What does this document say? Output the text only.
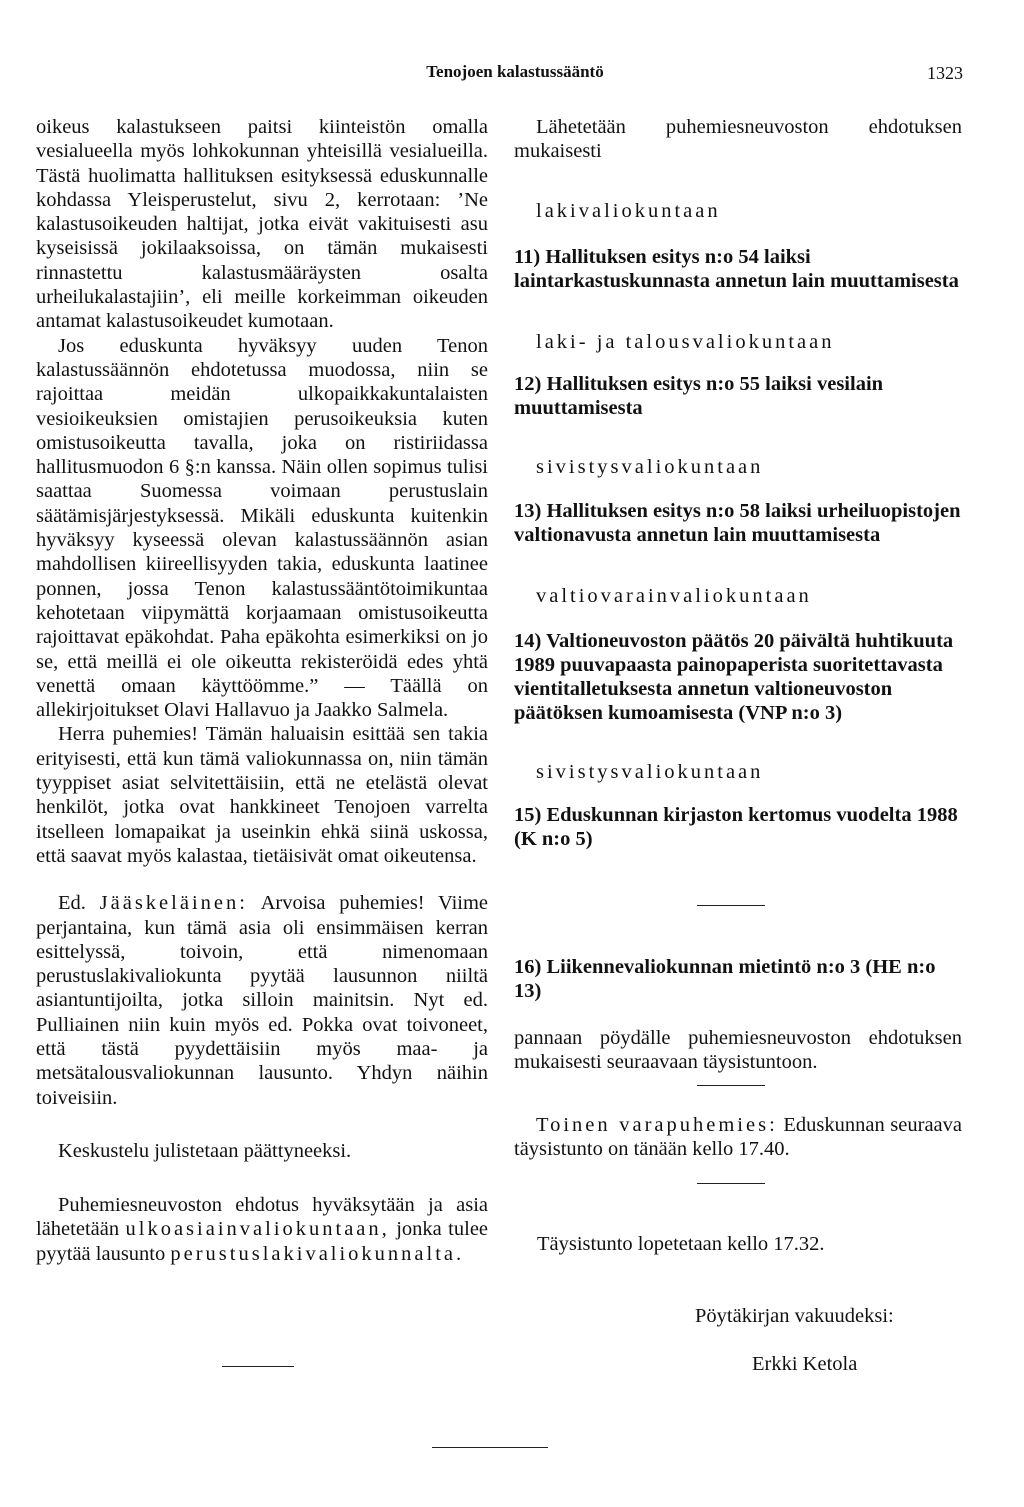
Tenojoen kalastussääntö	1323

oikeus kalastukseen paitsi kiinteistön omalla vesialueella myös lohkokunnan yhteisillä vesialueilla. Tästä huolimatta hallituksen esityksessä eduskunnalle kohdassa Yleisperustelut, sivu 2, kerrotaan: ’Ne kalastusoikeuden haltijat, jotka eivät vakituisesti asu kyseisissä jokilaaksoissa, on tämän mukaisesti rinnastettu kalastusmääräysten osalta urheilukalastajiin’, eli meille korkeimman oikeuden antamat kalastusoikeudet kumotaan.

Jos eduskunta hyväksyy uuden Tenon kalastussäännön ehdotetussa muodossa, niin se rajoittaa meidän ulkopaikkakuntalaisten vesioikeuksien omistajien perusoikeuksia kuten omistusoikeutta tavalla, joka on ristiriidassa hallitusmuodon 6 §:n kanssa. Näin ollen sopimus tulisi saattaa Suomessa voimaan perustuslain säätämisjärjestyksessä. Mikäli eduskunta kuitenkin hyväksyy kyseessä olevan kalastussäännön asian mahdollisen kiireellisyyden takia, eduskunta laatinee ponnen, jossa Tenon kalastussääntötoimikuntaa kehotetaan viipymättä korjaamaan omistusoikeutta rajoittavat epäkohdat. Paha epäkohta esimerkiksi on jo se, että meillä ei ole oikeutta rekisteröidä edes yhtä venettä omaan käyttöömme.” — Täällä on allekirjoitukset Olavi Hallavuo ja Jaakko Salmela.

Herra puhemies! Tämän haluaisin esittää sen takia erityisesti, että kun tämä valiokunnassa on, niin tämän tyyppiset asiat selvitettäisiin, että ne etelästä olevat henkilöt, jotka ovat hankkineet Tenojoen varrelta itselleen lomapaikat ja useinkin ehkä siinä uskossa, että saavat myös kalastaa, tietäisivät omat oikeutensa.

Ed. Jääskeläinen: Arvoisa puhemies! Viime perjantaina, kun tämä asia oli ensimmäisen kerran esittelyssä, toivoin, että nimenomaan perustuslakivaliokunta pyytää lausunnon niiltä asiantuntijoilta, jotka silloin mainitsin. Nyt ed. Pulliainen niin kuin myös ed. Pokka ovat toivoneet, että tästä pyydettäisiin myös maa- ja metsätalousvaliokunnan lausunto. Yhdyn näihin toiveisiin.

Keskustelu julistetaan päättyneeksi.

Puhemiesneuvoston ehdotus hyväksytään ja asia lähetetään ulkoasiainvaliokuntaan, jonka tulee pyytää lausunto perustuslakivaliokunnalta.

Lähetetään puhemiesneuvoston ehdotuksen mukaisesti

lakivaliokuntaan

11) Hallituksen esitys n:o 54 laiksi laintarkastuskunnasta annetun lain muuttamisesta

laki- ja talousvaliokuntaan

12) Hallituksen esitys n:o 55 laiksi vesilain muuttamisesta

sivistysvaliokuntaan

13) Hallituksen esitys n:o 58 laiksi urheiluopistojen valtionavusta annetun lain muuttamisesta

valtiovarainvaliokuntaan

14) Valtioneuvoston päätös 20 päivältä huhtikuuta 1989 puuvapaasta painopaperista suoritettavasta vientitalletuksesta annetun valtioneuvoston päätöksen kumoamisesta (VNP n:o 3)

sivistysvaliokuntaan

15) Eduskunnan kirjaston kertomus vuodelta 1988 (K n:o 5)

16) Liikennevaliokunnan mietintö n:o 3 (HE n:o 13)

pannaan pöydälle puhemiesneuvoston ehdotuksen mukaisesti seuraavaan täysistuntoon.

Toinen varapuhemies: Eduskunnan seuraava täysistunto on tänään kello 17.40.

Täysistunto lopetetaan kello 17.32.
Pöytäkirjan vakuudeksi:
Erkki Ketola
